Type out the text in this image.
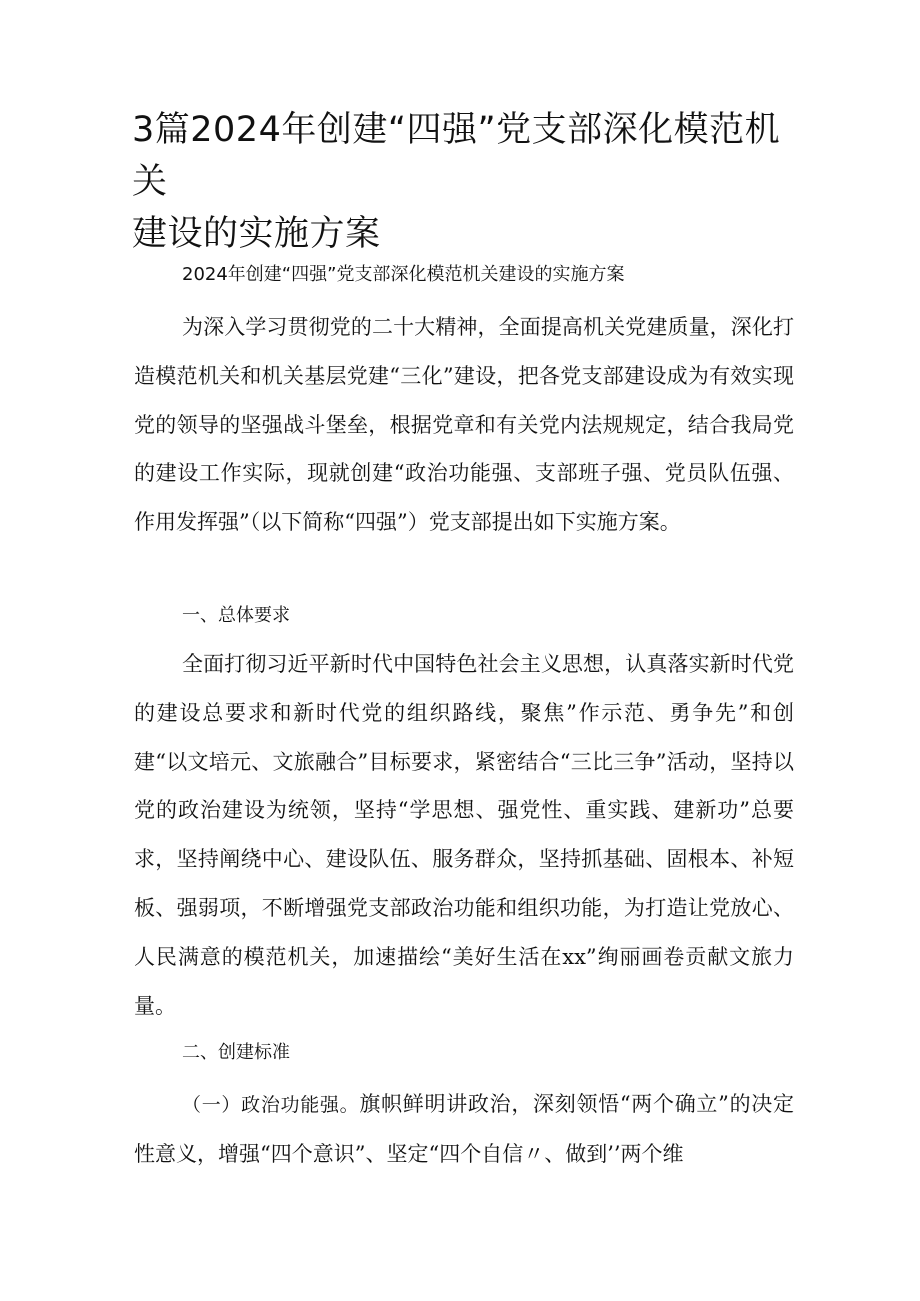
3篇2024年创建“四强”党支部深化模范机关
建设的实施方案

2024年创建“四强”党支部深化模范机关建设的实施方案

为深入学习贯彻党的二十大精神，全面提高机关党建质量，深化打造模范机关和机关基层党建“三化”建设，把各党支部建设成为有效实现党的领导的坚强战斗堡垒，根据党章和有关党内法规规定，结合我局党的建设工作实际，现就创建“政治功能强、支部班子强、党员队伍强、作用发挥强”（以下简称“四强”）党支部提出如下实施方案。

一、总体要求

全面打彻习近平新时代中国特色社会主义思想，认真落实新时代党的建设总要求和新时代党的组织路线，聚焦”作示范、勇争先”和创建“以文培元、文旅融合”目标要求，紧密结合“三比三争”活动，坚持以党的政治建设为统领，坚持“学思想、强党性、重实践、建新功”总要求，坚持阐绕中心、建设队伍、服务群众，坚持抓基础、固根本、补短板、强弱项，不断增强党支部政治功能和组织功能，为打造让党放心、人民满意的模范机关，加速描绘“美好生活在xx”绚丽画卷贡献文旅力量。

二、创建标准

（一）政治功能强。旗帜鲜明讲政治，深刻领悟“两个确立”的决定性意义，增强“四个意识”、坚定“四个自信〃、做到’’两个维
